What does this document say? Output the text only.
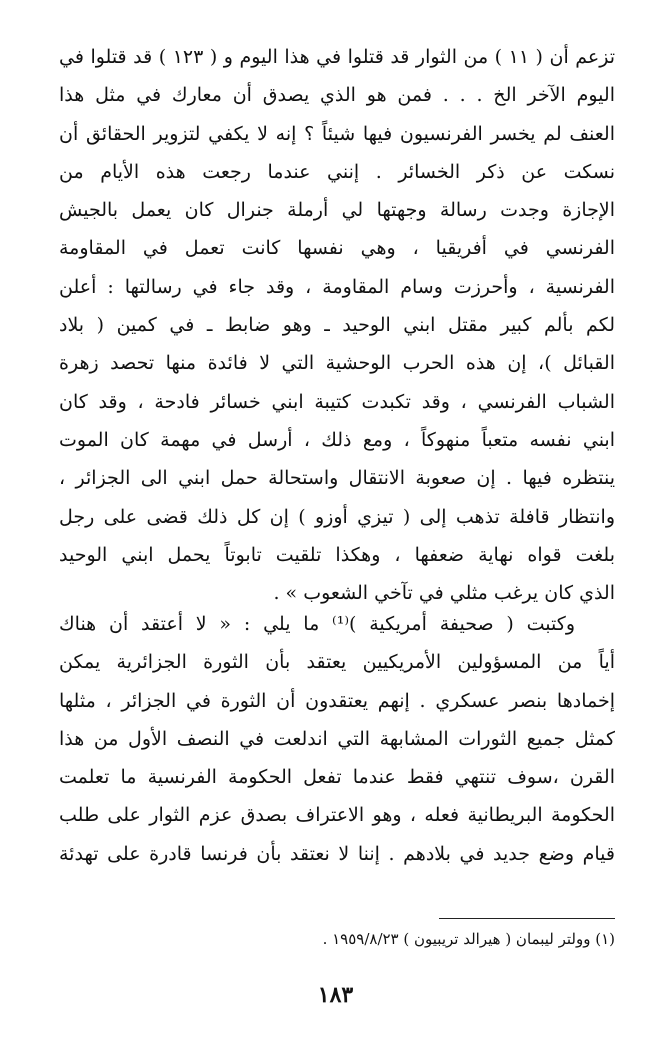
تزعم أن ( ١١ ) من الثوار قد قتلوا في هذا اليوم و ( ١٢٣ ) قد قتلوا في
اليوم الآخر الخ . . . فمن هو الذي يصدق أن معارك في مثل هذا
العنف لم يخسر الفرنسيون فيها شيئاً ؟ إنه لا يكفي لتزوير الحقائق أن
نسكت عن ذكر الخسائر . إنني عندما رجعت هذه الأيام من
الإجازة وجدت رسالة وجهتها لي أرملة جنرال كان يعمل بالجيش
الفرنسي في أفريقيا ، وهي نفسها كانت تعمل في المقاومة
الفرنسية ، وأحرزت وسام المقاومة ، وقد جاء في رسالتها : أعلن
لكم بألم كبير مقتل ابني الوحيد ـ وهو ضابط ـ في كمين ( بلاد
القبائل )، إن هذه الحرب الوحشية التي لا فائدة منها تحصد زهرة
الشباب الفرنسي ، وقد تكبدت كتيبة ابني خسائر فادحة ، وقد كان
ابني نفسه متعباً منهوكاً ، ومع ذلك ، أرسل في مهمة كان الموت
ينتظره فيها . إن صعوبة الانتقال واستحالة حمل ابني الى الجزائر ،
وانتظار قافلة تذهب إلى ( تيزي أوزو ) إن كل ذلك قضى على رجل
بلغت قواه نهاية ضعفها ، وهكذا تلقيت تابوتاً يحمل ابني الوحيد
الذي كان يرغب مثلي في تآخي الشعوب » .
وكتبت ( صحيفة أمريكية )⁽¹⁾ ما يلي : « لا أعتقد أن هناك
أياً من المسؤولين الأمريكيين يعتقد بأن الثورة الجزائرية يمكن
إخمادها بنصر عسكري . إنهم يعتقدون أن الثورة في الجزائر ، مثلها
كمثل جميع الثورات المشابهة التي اندلعت في النصف الأول من هذا
القرن ،سوف تنتهي فقط عندما تفعل الحكومة الفرنسية ما تعلمت
الحكومة البريطانية فعله ، وهو الاعتراف بصدق عزم الثوار على طلب
قيام وضع جديد في بلادهم . إننا لا نعتقد بأن فرنسا قادرة على تهدئة
(١) وولتر ليبمان ( هيرالد تريبيون ) ١٩٥٩/٨/٢٣ .
١٨٣
